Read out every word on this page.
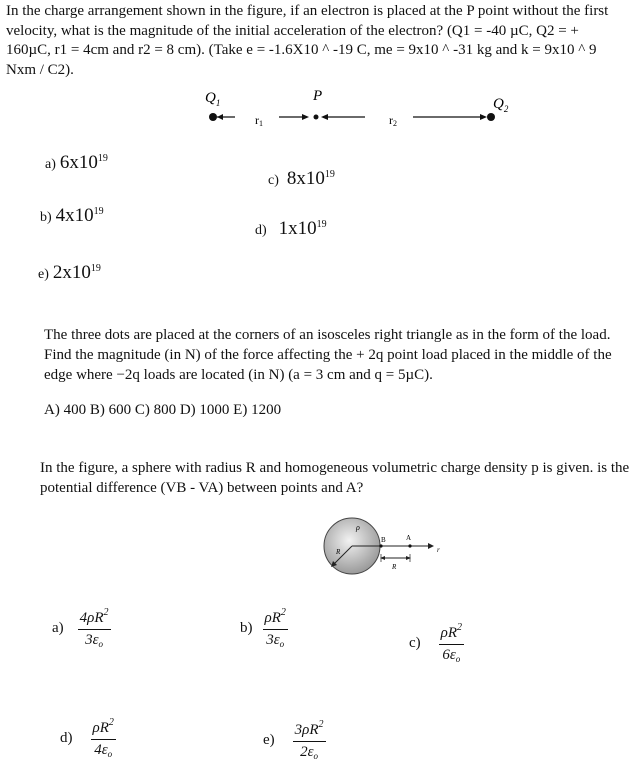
In the charge arrangement shown in the figure, if an electron is placed at the P point without the first velocity, what is the magnitude of the initial acceleration of the electron? (Q1 = -40 µC, Q2 = + 160µC, r1 = 4cm and r2 = 8 cm). (Take e = -1.6X10 ^ -19 C, me = 9x10 ^ -31 kg and k = 9x10 ^ 9 Nxm / C2).
$Q_1$
r1
P
r2
$Q_2$
a) $6x10^{19}$
b) $4x10^{19}$
c) $8x10^{19}$
d) $1x10^{19}$
e) $2x10^{19}$
The three dots are placed at the corners of an isosceles right triangle as in the form of the load. Find the magnitude (in N) of the force affecting the + 2q point load placed in the middle of the edge where −2q loads are located (in N) (a = 3 cm and q = 5µC).
A) 400 B) 600 C) 800 D) 1000 E) 1200
In the figure, a sphere with radius R and homogeneous volumetric charge density p is given. is the potential difference (VB - VA) between points and A?
ρ
R
B	A
R
r
$a) \frac{4\rho R^2}{3\varepsilon_o}$	$b) \frac{\rho R^2}{3\varepsilon_o}$	$c) \frac{\rho R^2}{6\varepsilon_o}$
$d) \frac{\rho R^2}{4\varepsilon_o}$	$e) \frac{3\rho R^2}{2\varepsilon_o}$
